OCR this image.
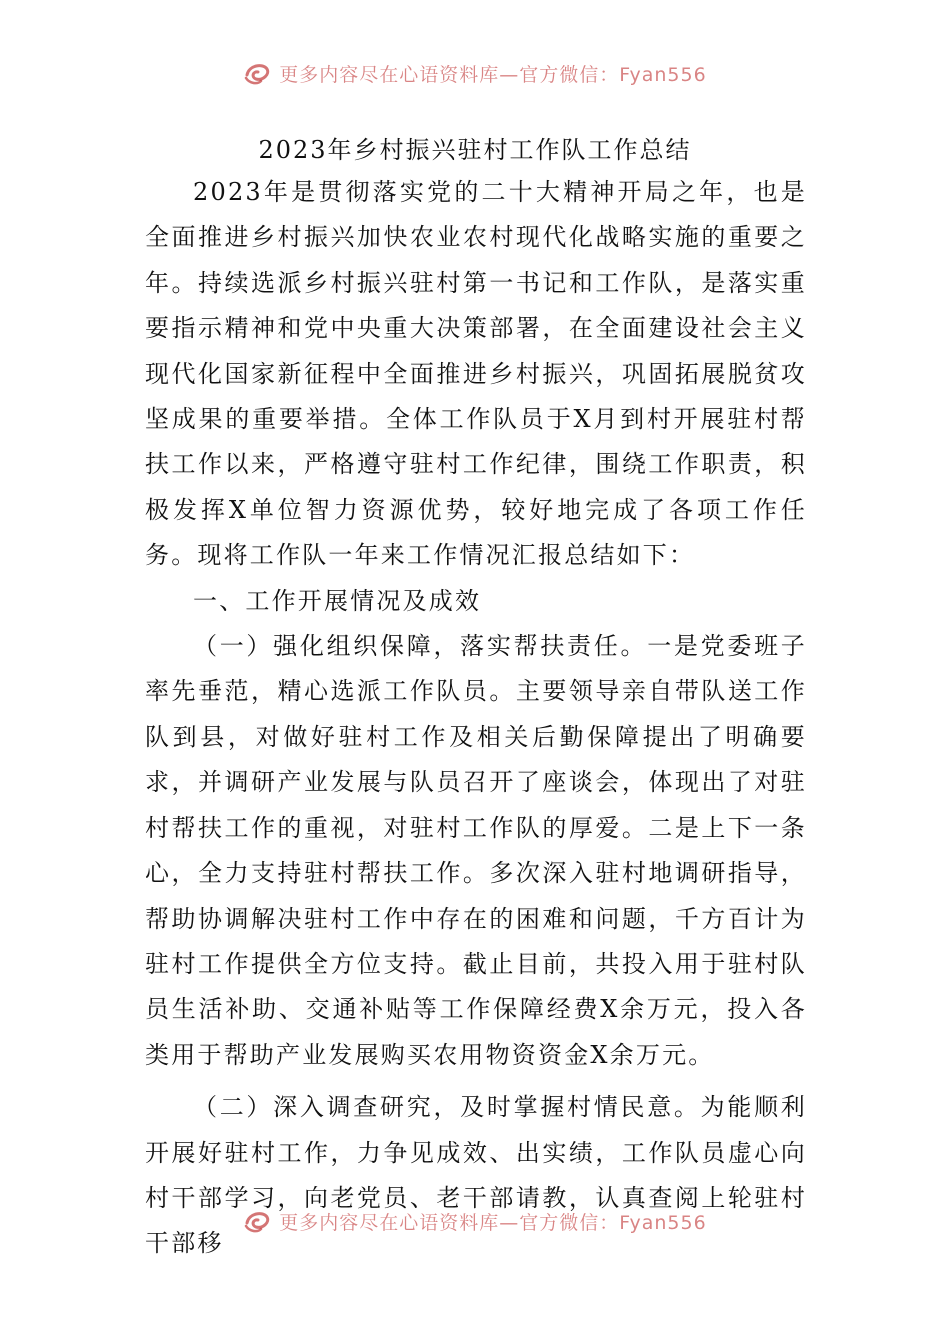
更多内容尽在心语资料库—官方微信：Fyan556
2023年乡村振兴驻村工作队工作总结

2023年是贯彻落实党的二十大精神开局之年，也是全面推进乡村振兴加快农业农村现代化战略实施的重要之年。持续选派乡村振兴驻村第一书记和工作队，是落实重要指示精神和党中央重大决策部署，在全面建设社会主义现代化国家新征程中全面推进乡村振兴，巩固拓展脱贫攻坚成果的重要举措。全体工作队员于X月到村开展驻村帮扶工作以来，严格遵守驻村工作纪律，围绕工作职责，积极发挥X单位智力资源优势，较好地完成了各项工作任务。现将工作队一年来工作情况汇报总结如下：

一、工作开展情况及成效

（一）强化组织保障，落实帮扶责任。一是党委班子率先垂范，精心选派工作队员。主要领导亲自带队送工作队到县，对做好驻村工作及相关后勤保障提出了明确要求，并调研产业发展与队员召开了座谈会，体现出了对驻村帮扶工作的重视，对驻村工作队的厚爱。二是上下一条心，全力支持驻村帮扶工作。多次深入驻村地调研指导，帮助协调解决驻村工作中存在的困难和问题，千方百计为驻村工作提供全方位支持。截止目前，共投入用于驻村队员生活补助、交通补贴等工作保障经费X余万元，投入各类用于帮助产业发展购买农用物资资金X余万元。

（二）深入调查研究，及时掌握村情民意。为能顺利开展好驻村工作，力争见成效、出实绩，工作队员虚心向村干部学习，向老党员、老干部请教，认真查阅上轮驻村干部移

更多内容尽在心语资料库—官方微信：Fyan556
